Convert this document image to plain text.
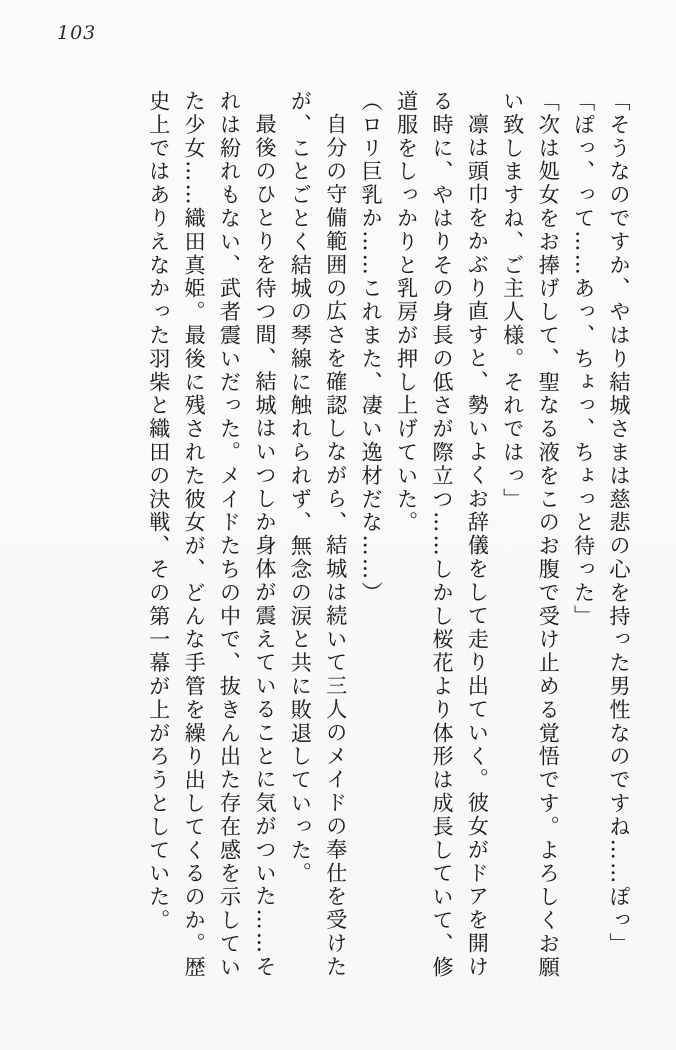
103

「そうなのですか、やはり結城さまは慈悲の心を持った男性なのですね……ぽっ」

「ぽっ、って……あっ、ちょっ、ちょっと待った」

「次は処女をお捧げして、聖なる液をこのお腹で受け止める覚悟です。よろしくお願い致しますね、ご主人様。それではっ」

凛は頭巾をかぶり直すと、勢いよくお辞儀をして走り出ていく。彼女がドアを開ける時に、やはりその身長の低さが際立つ……しかし桜花より体形は成長していて、修道服をしっかりと乳房が押し上げていた。

（ロリ巨乳か……これまた、凄い逸材だな……）

自分の守備範囲の広さを確認しながら、結城は続いて三人のメイドの奉仕を受けたが、ことごとく結城の琴線に触れられず、無念の涙と共に敗退していった。

最後のひとりを待つ間、結城はいつしか身体が震えていることに気がついた……それは紛れもない、武者震いだった。メイドたちの中で、抜きん出た存在感を示していた少女……織田真姫。最後に残された彼女が、どんな手管を繰り出してくるのか。歴史上ではありえなかった羽柴と織田の決戦、その第一幕が上がろうとしていた。
